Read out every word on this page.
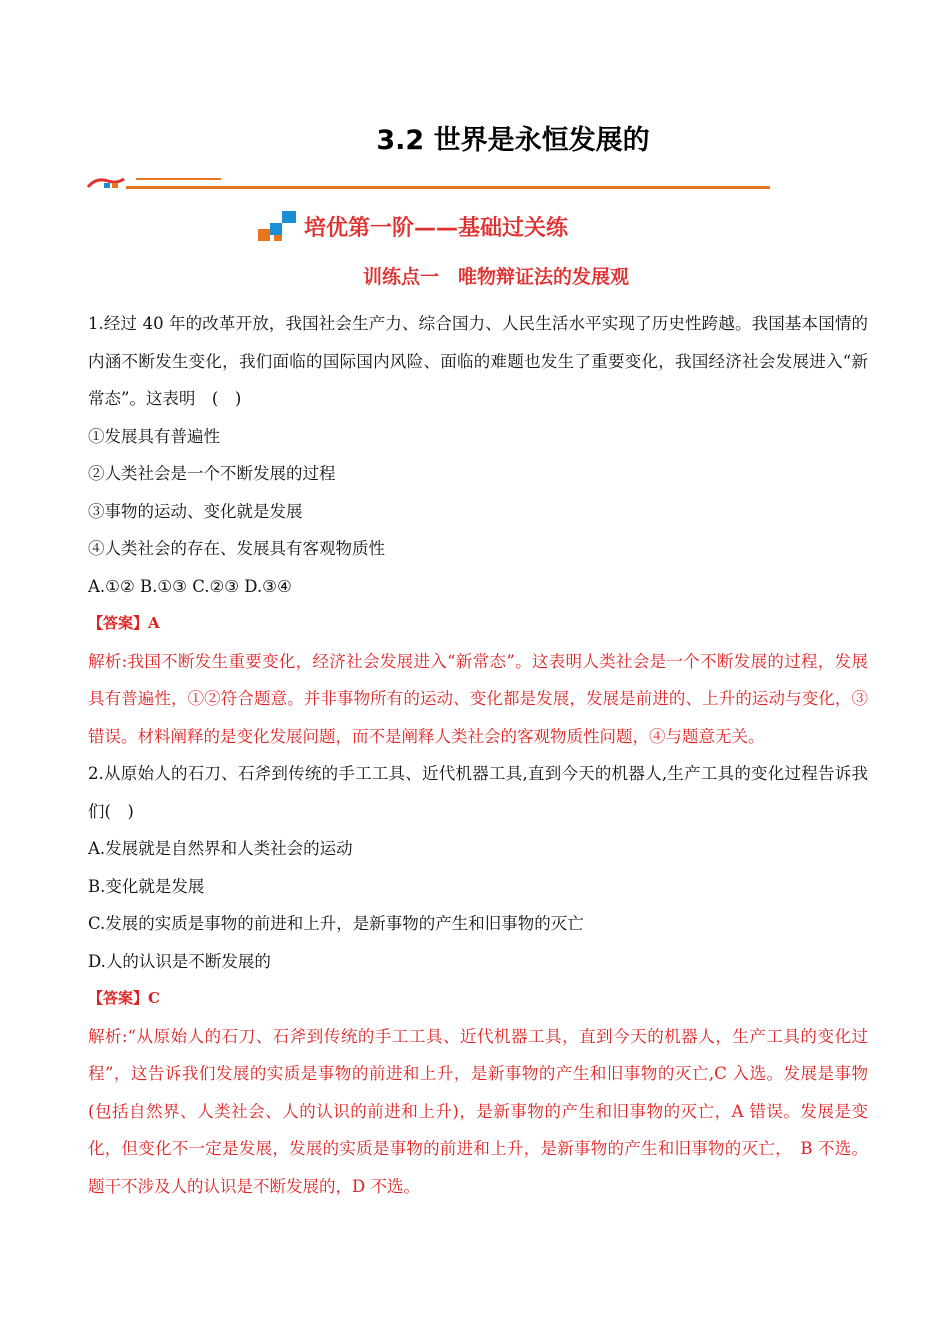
3.2 世界是永恒发展的
培优第一阶——基础过关练
训练点一　唯物辩证法的发展观

1.经过 40 年的改革开放，我国社会生产力、综合国力、人民生活水平实现了历史性跨越。我国基本国情的内涵不断发生变化，我们面临的国际国内风险、面临的难题也发生了重要变化，我国经济社会发展进入“新常态”。这表明　(　)

①发展具有普遍性

②人类社会是一个不断发展的过程

③事物的运动、变化就是发展

④人类社会的存在、发展具有客观物质性

A.①② B.①③ C.②③ D.③④

【答案】A

解析:我国不断发生重要变化，经济社会发展进入“新常态”。这表明人类社会是一个不断发展的过程，发展具有普遍性，①②符合题意。并非事物所有的运动、变化都是发展，发展是前进的、上升的运动与变化，③错误。材料阐释的是变化发展问题，而不是阐释人类社会的客观物质性问题，④与题意无关。

2.从原始人的石刀、石斧到传统的手工工具、近代机器工具,直到今天的机器人,生产工具的变化过程告诉我们(　)

A.发展就是自然界和人类社会的运动

B.变化就是发展

C.发展的实质是事物的前进和上升，是新事物的产生和旧事物的灭亡

D.人的认识是不断发展的

【答案】C

解析:“从原始人的石刀、石斧到传统的手工工具、近代机器工具，直到今天的机器人，生产工具的变化过程”，这告诉我们发展的实质是事物的前进和上升，是新事物的产生和旧事物的灭亡,C 入选。发展是事物(包括自然界、人类社会、人的认识的前进和上升)，是新事物的产生和旧事物的灭亡，A 错误。发展是变化，但变化不一定是发展，发展的实质是事物的前进和上升，是新事物的产生和旧事物的灭亡，　B 不选。题干不涉及人的认识是不断发展的，D 不选。
